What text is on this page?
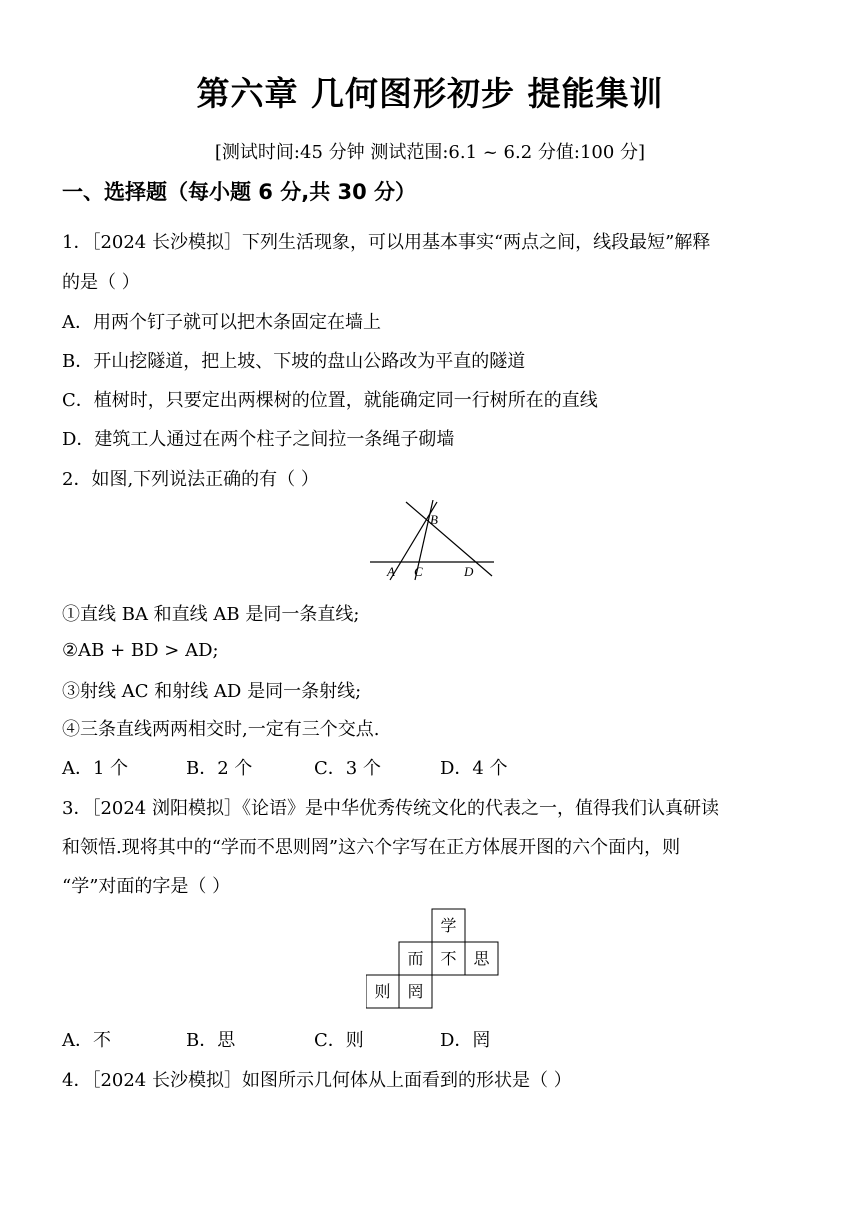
第六章 几何图形初步 提能集训
[测试时间:45 分钟 测试范围:6.1 ~ 6.2 分值:100 分]
一、选择题（每小题 6 分,共 30 分）
1．［2024 长沙模拟］下列生活现象，可以用基本事实“两点之间，线段最短”解释
的是（ ）
A．用两个钉子就可以把木条固定在墙上
B．开山挖隧道，把上坡、下坡的盘山公路改为平直的隧道
C．植树时，只要定出两棵树的位置，就能确定同一行树所在的直线
D．建筑工人通过在两个柱子之间拉一条绳子砌墙
2．如图,下列说法正确的有（ ）
B
A C	D
①直线 BA 和直线 AB 是同一条直线;
②AB + BD > AD;
③射线 AC 和射线 AD 是同一条射线;
④三条直线两两相交时,一定有三个交点.
A．1 个	B．2 个	C．3 个	D．4 个
3．［2024 浏阳模拟］《论语》是中华优秀传统文化的代表之一，值得我们认真研读
和领悟.现将其中的“学而不思则罔”这六个字写在正方体展开图的六个面内，则
“学”对面的字是（ ）
学
而 不 思
则 罔
A．不	B．思	C．则	D．罔
4．［2024 长沙模拟］如图所示几何体从上面看到的形状是（ ）
